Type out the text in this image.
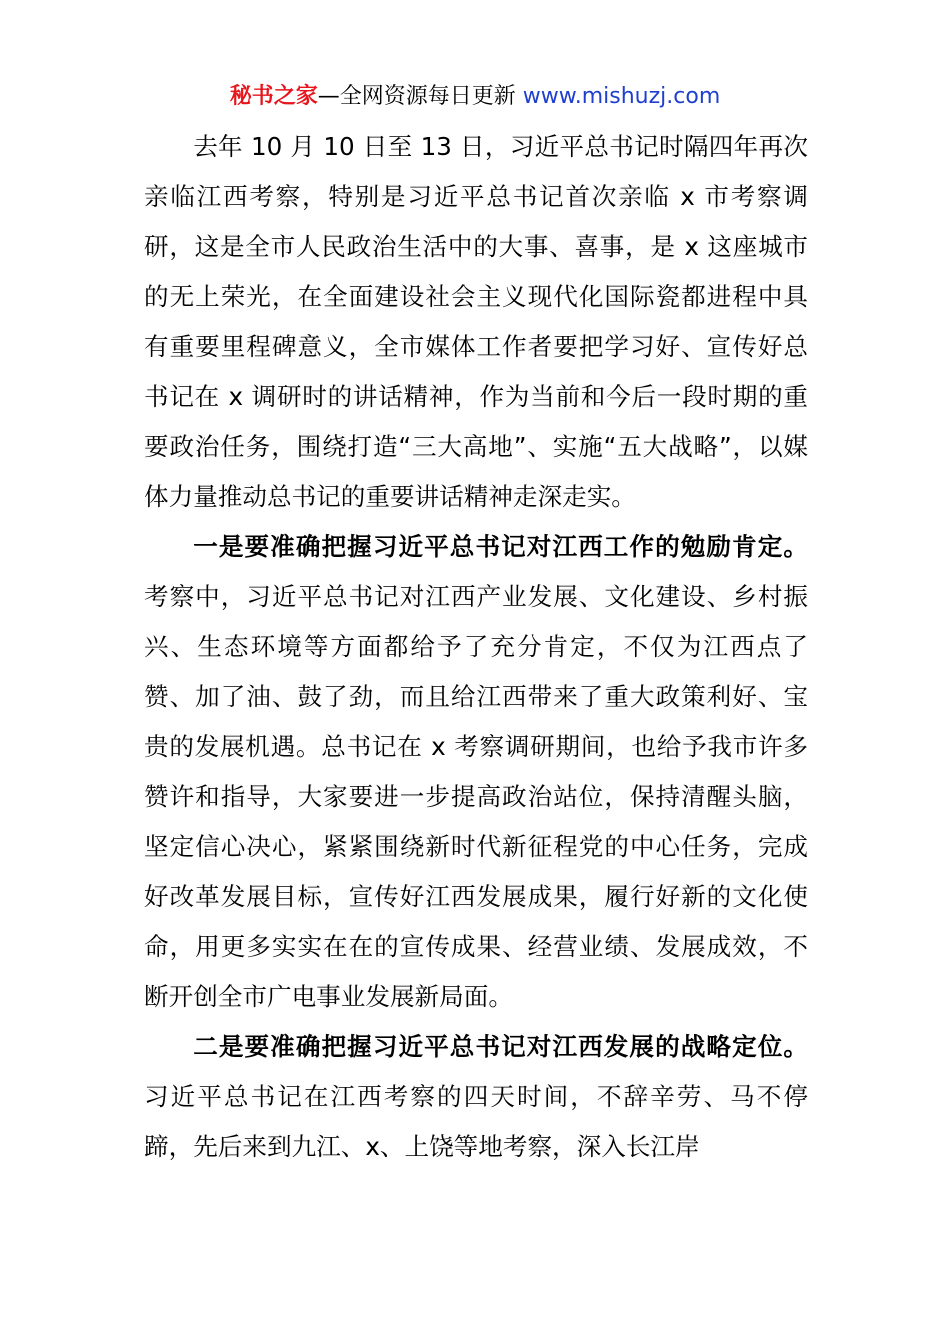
秘书之家—全网资源每日更新 www.mishuzj.com

去年 10 月 10 日至 13 日，习近平总书记时隔四年再次亲临江西考察，特别是习近平总书记首次亲临 x 市考察调研，这是全市人民政治生活中的大事、喜事，是 x 这座城市的无上荣光，在全面建设社会主义现代化国际瓷都进程中具有重要里程碑意义，全市媒体工作者要把学习好、宣传好总书记在 x 调研时的讲话精神，作为当前和今后一段时期的重要政治任务，围绕打造“三大高地”、实施“五大战略”，以媒体力量推动总书记的重要讲话精神走深走实。

一是要准确把握习近平总书记对江西工作的勉励肯定。考察中，习近平总书记对江西产业发展、文化建设、乡村振兴、生态环境等方面都给予了充分肯定，不仅为江西点了赞、加了油、鼓了劲，而且给江西带来了重大政策利好、宝贵的发展机遇。总书记在 x 考察调研期间，也给予我市许多赞许和指导，大家要进一步提高政治站位，保持清醒头脑，坚定信心决心，紧紧围绕新时代新征程党的中心任务，完成好改革发展目标，宣传好江西发展成果，履行好新的文化使命，用更多实实在在的宣传成果、经营业绩、发展成效，不断开创全市广电事业发展新局面。

二是要准确把握习近平总书记对江西发展的战略定位。习近平总书记在江西考察的四天时间，不辞辛劳、马不停蹄，先后来到九江、x、上饶等地考察，深入长江岸
